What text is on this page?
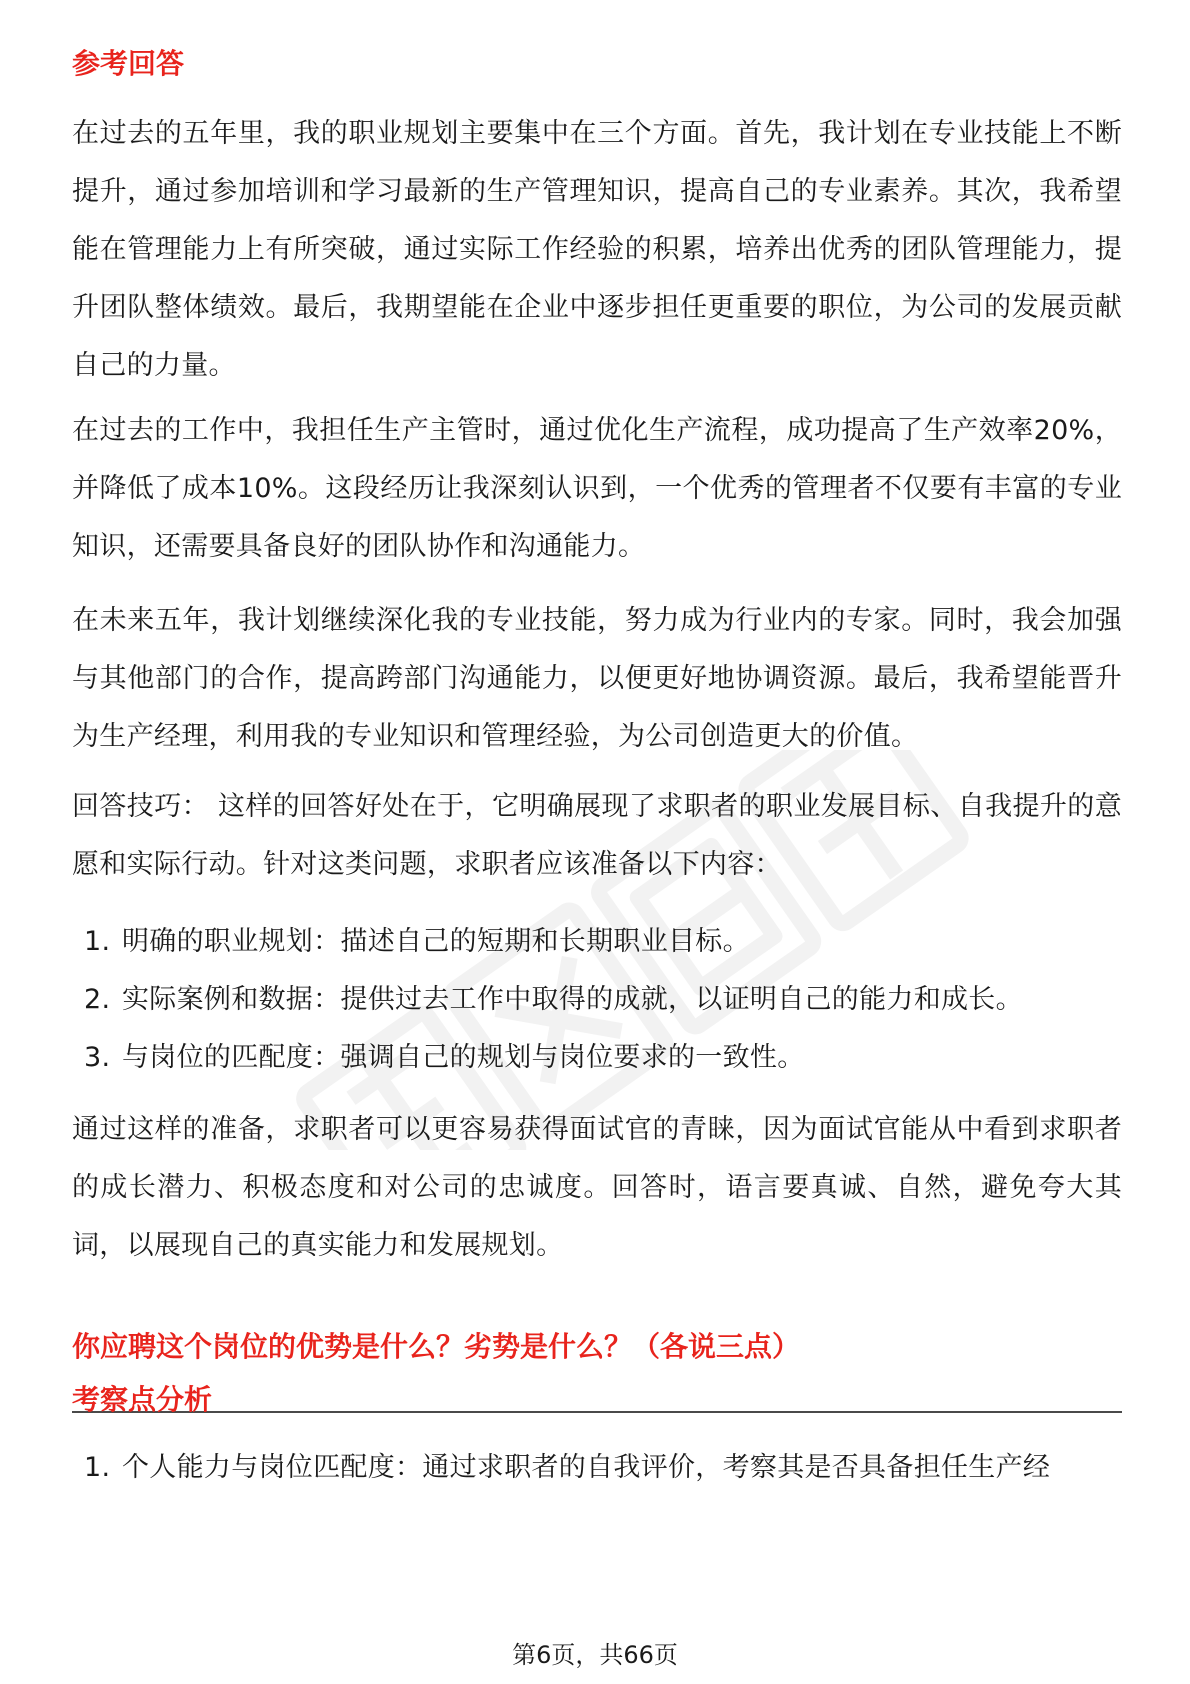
参考回答

在过去的五年里，我的职业规划主要集中在三个方面。首先，我计划在专业技能上不断提升，通过参加培训和学习最新的生产管理知识，提高自己的专业素养。其次，我希望能在管理能力上有所突破，通过实际工作经验的积累，培养出优秀的团队管理能力，提升团队整体绩效。最后，我期望能在企业中逐步担任更重要的职位，为公司的发展贡献自己的力量。

在过去的工作中，我担任生产主管时，通过优化生产流程，成功提高了生产效率20%，并降低了成本10%。这段经历让我深刻认识到，一个优秀的管理者不仅要有丰富的专业知识，还需要具备良好的团队协作和沟通能力。

在未来五年，我计划继续深化我的专业技能，努力成为行业内的专家。同时，我会加强与其他部门的合作，提高跨部门沟通能力，以便更好地协调资源。最后，我希望能晋升为生产经理，利用我的专业知识和管理经验，为公司创造更大的价值。

回答技巧： 这样的回答好处在于，它明确展现了求职者的职业发展目标、自我提升的意愿和实际行动。针对这类问题，求职者应该准备以下内容：

1. 明确的职业规划：描述自己的短期和长期职业目标。
2. 实际案例和数据：提供过去工作中取得的成就，以证明自己的能力和成长。
3. 与岗位的匹配度：强调自己的规划与岗位要求的一致性。

通过这样的准备，求职者可以更容易获得面试官的青睐，因为面试官能从中看到求职者的成长潜力、积极态度和对公司的忠诚度。回答时，语言要真诚、自然，避免夸大其词，以展现自己的真实能力和发展规划。

你应聘这个岗位的优势是什么？劣势是什么？（各说三点）
考察点分析
1. 个人能力与岗位匹配度：通过求职者的自我评价，考察其是否具备担任生产经
第6页，共66页
